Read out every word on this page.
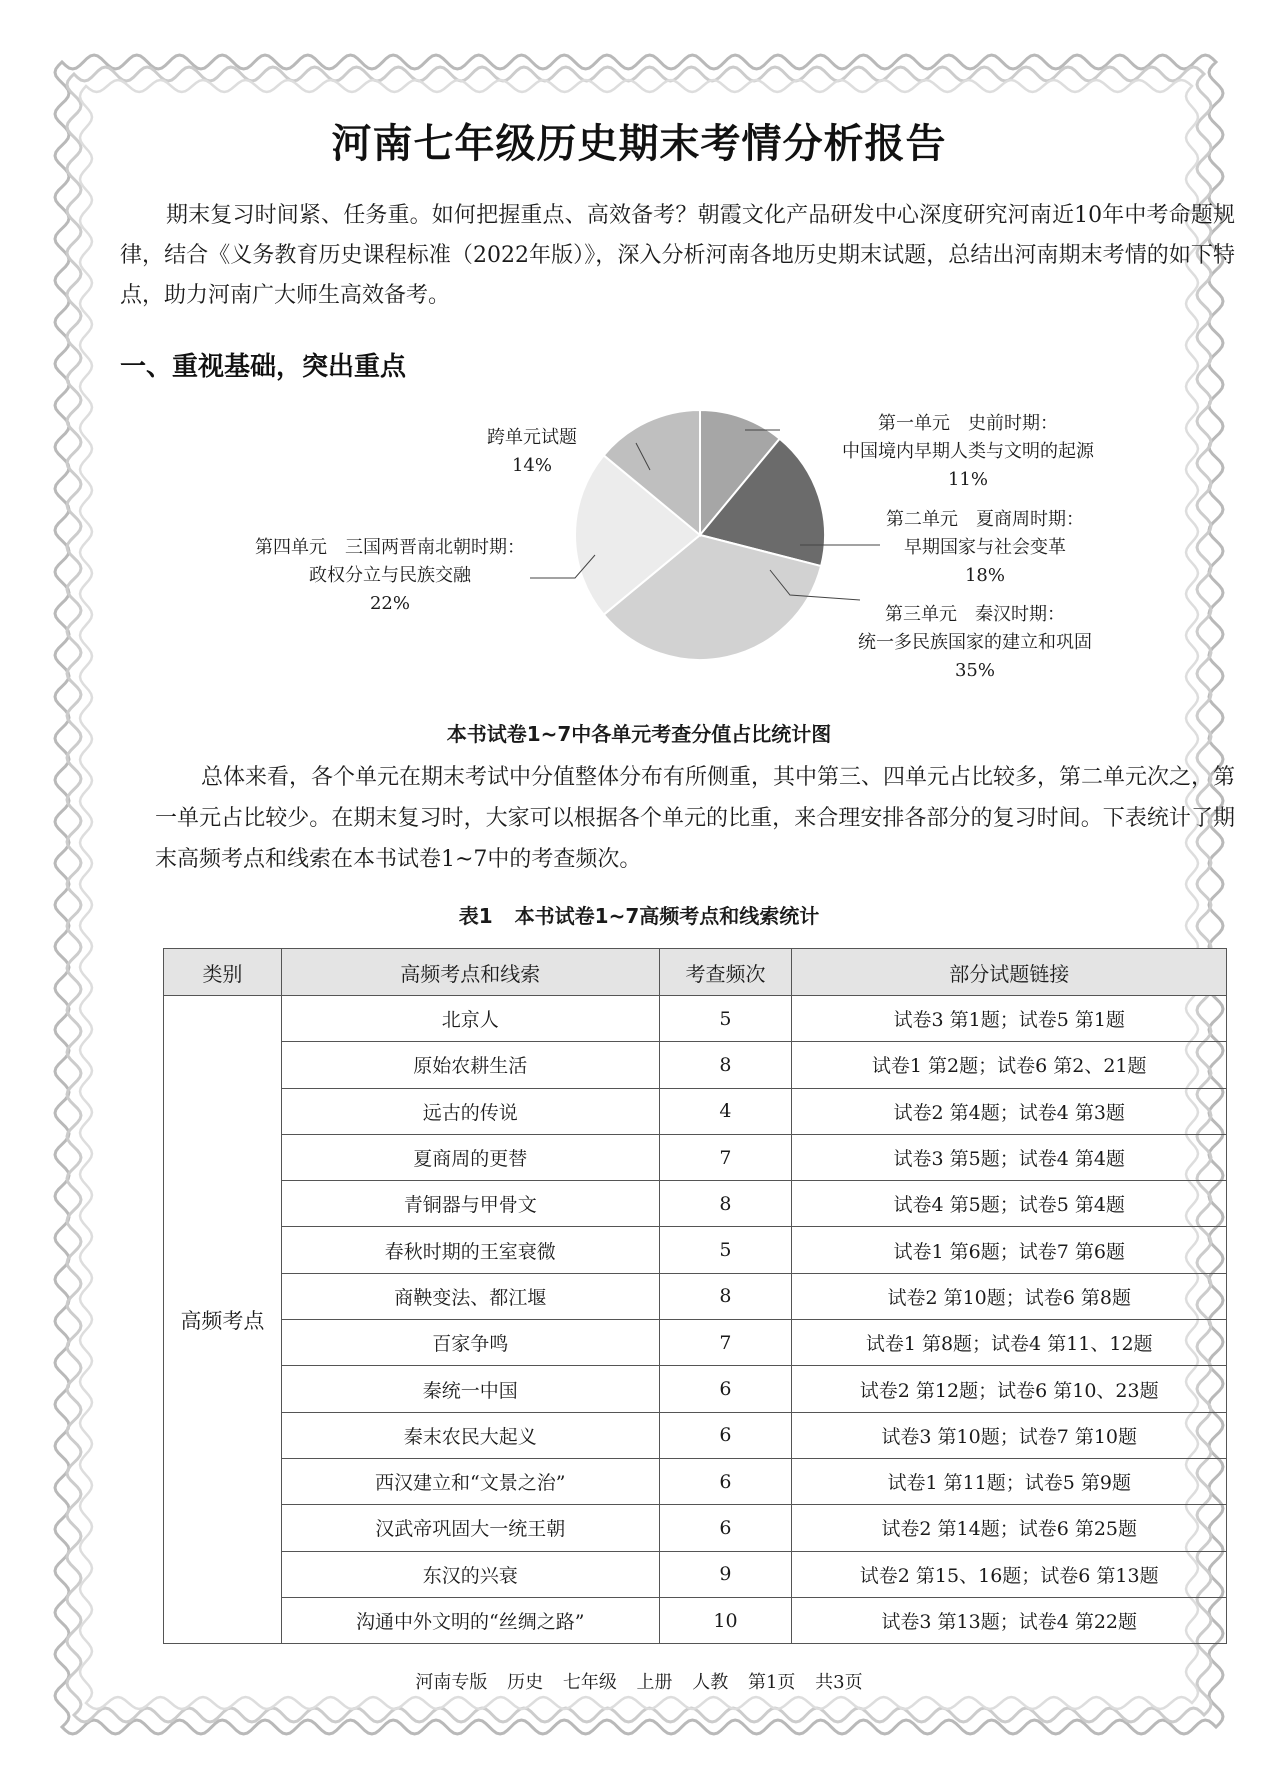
河南七年级历史期末考情分析报告

期末复习时间紧、任务重。如何把握重点、高效备考？朝霞文化产品研发中心深度研究河南近10年中考命题规律，结合《义务教育历史课程标准（2022年版）》，深入分析河南各地历史期末试题，总结出河南期末考情的如下特点，助力河南广大师生高效备考。

一、重视基础，突出重点
第一单元　史前时期：
中国境内早期人类与文明的起源
11%
第二单元　夏商周时期：
早期国家与社会变革
18%
第三单元　秦汉时期：
统一多民族国家的建立和巩固
35%
第四单元　三国两晋南北朝时期：
政权分立与民族交融
22%
跨单元试题
14%
本书试卷1~7中各单元考查分值占比统计图

总体来看，各个单元在期末考试中分值整体分布有所侧重，其中第三、四单元占比较多，第二单元次之，第一单元占比较少。在期末复习时，大家可以根据各个单元的比重，来合理安排各部分的复习时间。下表统计了期末高频考点和线索在本书试卷1~7中的考查频次。

表1 本书试卷1~7高频考点和线索统计
类别	高频考点和线索	考查频次	部分试题链接
高频考点	北京人	5	试卷3 第1题；试卷5 第1题
	原始农耕生活	8	试卷1 第2题；试卷6 第2、21题
	远古的传说	4	试卷2 第4题；试卷4 第3题
	夏商周的更替	7	试卷3 第5题；试卷4 第4题
	青铜器与甲骨文	8	试卷4 第5题；试卷5 第4题
	春秋时期的王室衰微	5	试卷1 第6题；试卷7 第6题
	商鞅变法、都江堰	8	试卷2 第10题；试卷6 第8题
	百家争鸣	7	试卷1 第8题；试卷4 第11、12题
	秦统一中国	6	试卷2 第12题；试卷6 第10、23题
	秦末农民大起义	6	试卷3 第10题；试卷7 第10题
	西汉建立和“文景之治”	6	试卷1 第11题；试卷5 第9题
	汉武帝巩固大一统王朝	6	试卷2 第14题；试卷6 第25题
	东汉的兴衰	9	试卷2 第15、16题；试卷6 第13题
	沟通中外文明的“丝绸之路”	10	试卷3 第13题；试卷4 第22题
河南专版 历史 七年级 上册 人教 第1页 共3页
